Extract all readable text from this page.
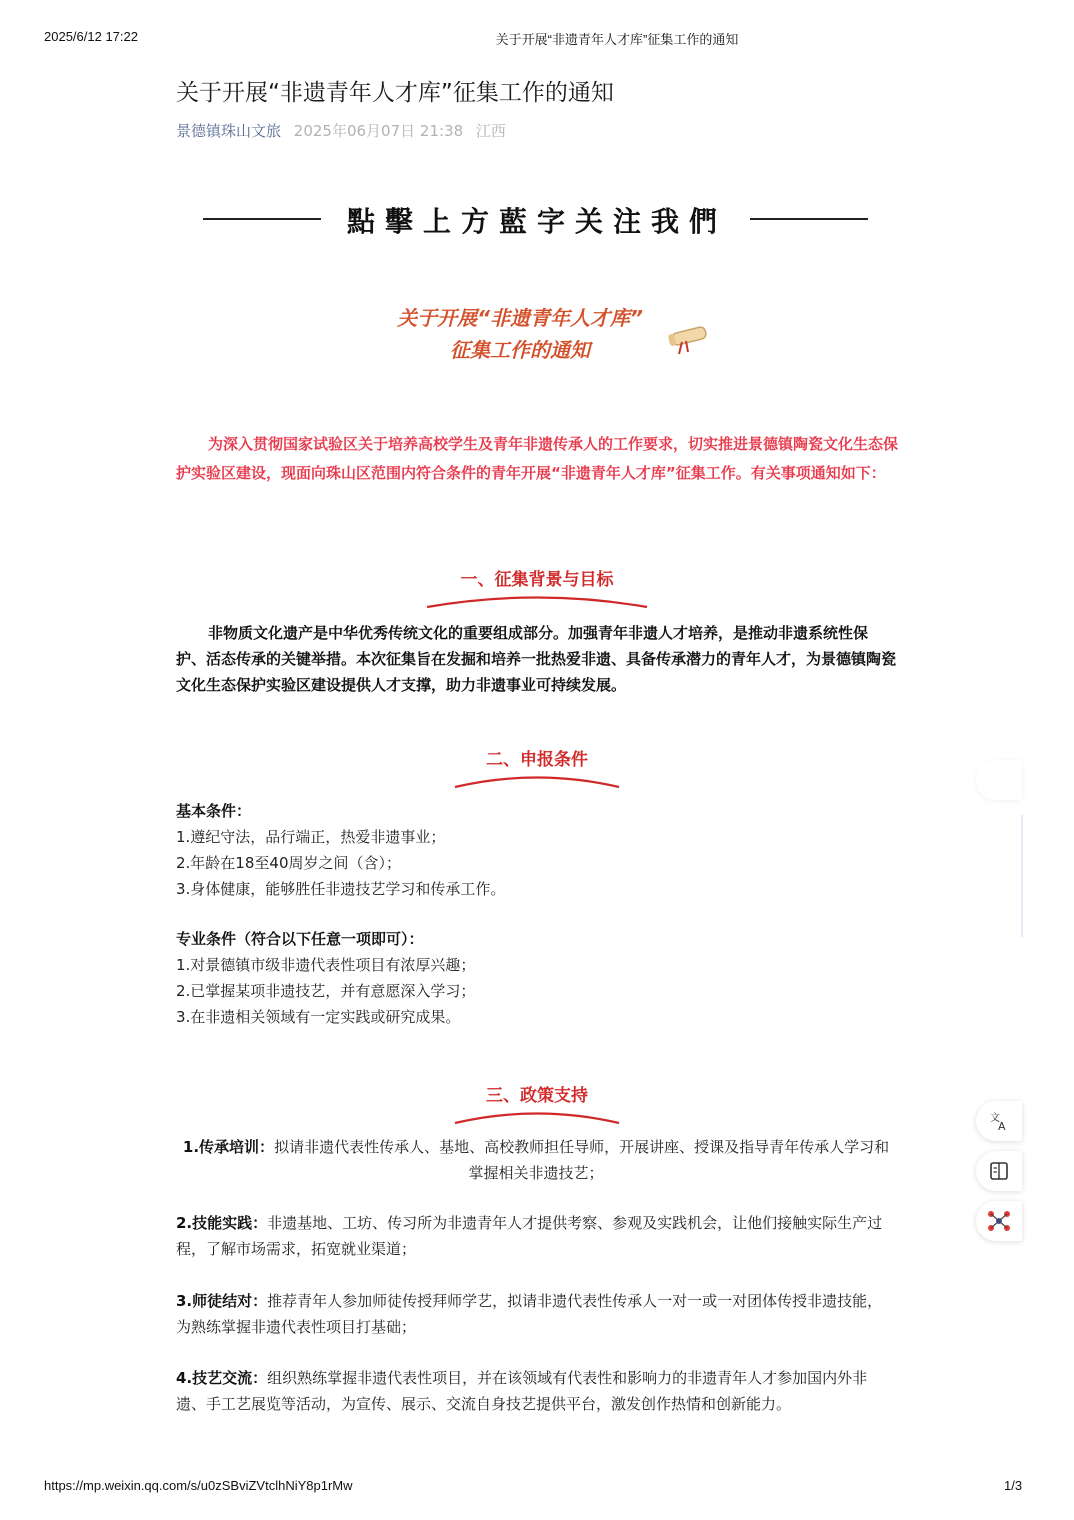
2025/6/12 17:22	关于开展“非遗青年人才库”征集工作的通知
关于开展“非遗青年人才库”征集工作的通知
景德镇珠山文旅 2025年06月07日 21:38 江西
點擊上方藍字关注我們
关于开展“非遗青年人才库”
征集工作的通知
为深入贯彻国家试验区关于培养高校学生及青年非遗传承人的工作要求，切实推进景德镇陶瓷文化生态保护实验区建设，现面向珠山区范围内符合条件的青年开展“非遗青年人才库”征集工作。有关事项通知如下：
一、征集背景与目标
非物质文化遗产是中华优秀传统文化的重要组成部分。加强青年非遗人才培养，是推动非遗系统性保护、活态传承的关键举措。本次征集旨在发掘和培养一批热爱非遗、具备传承潜力的青年人才，为景德镇陶瓷文化生态保护实验区建设提供人才支撑，助力非遗事业可持续发展。
二、申报条件
基本条件：
1.遵纪守法，品行端正，热爱非遗事业；
2.年龄在18至40周岁之间（含）；
3.身体健康，能够胜任非遗技艺学习和传承工作。
专业条件（符合以下任意一项即可）：
1.对景德镇市级非遗代表性项目有浓厚兴趣；
2.已掌握某项非遗技艺，并有意愿深入学习；
3.在非遗相关领域有一定实践或研究成果。
三、政策支持
1.传承培训：拟请非遗代表性传承人、基地、高校教师担任导师，开展讲座、授课及指导青年传承人学习和掌握相关非遗技艺；
2.技能实践：非遗基地、工坊、传习所为非遗青年人才提供考察、参观及实践机会，让他们接触实际生产过程，了解市场需求，拓宽就业渠道；
3.师徒结对：推荐青年人参加师徒传授拜师学艺，拟请非遗代表性传承人一对一或一对团体传授非遗技能，为熟练掌握非遗代表性项目打基础；
4.技艺交流：组织熟练掌握非遗代表性项目，并在该领域有代表性和影响力的非遗青年人才参加国内外非遗、手工艺展览等活动，为宣传、展示、交流自身技艺提供平台，激发创作热情和创新能力。
文
A
https://mp.weixin.qq.com/s/u0zSBviZVtclhNiY8p1rMw	1/3
